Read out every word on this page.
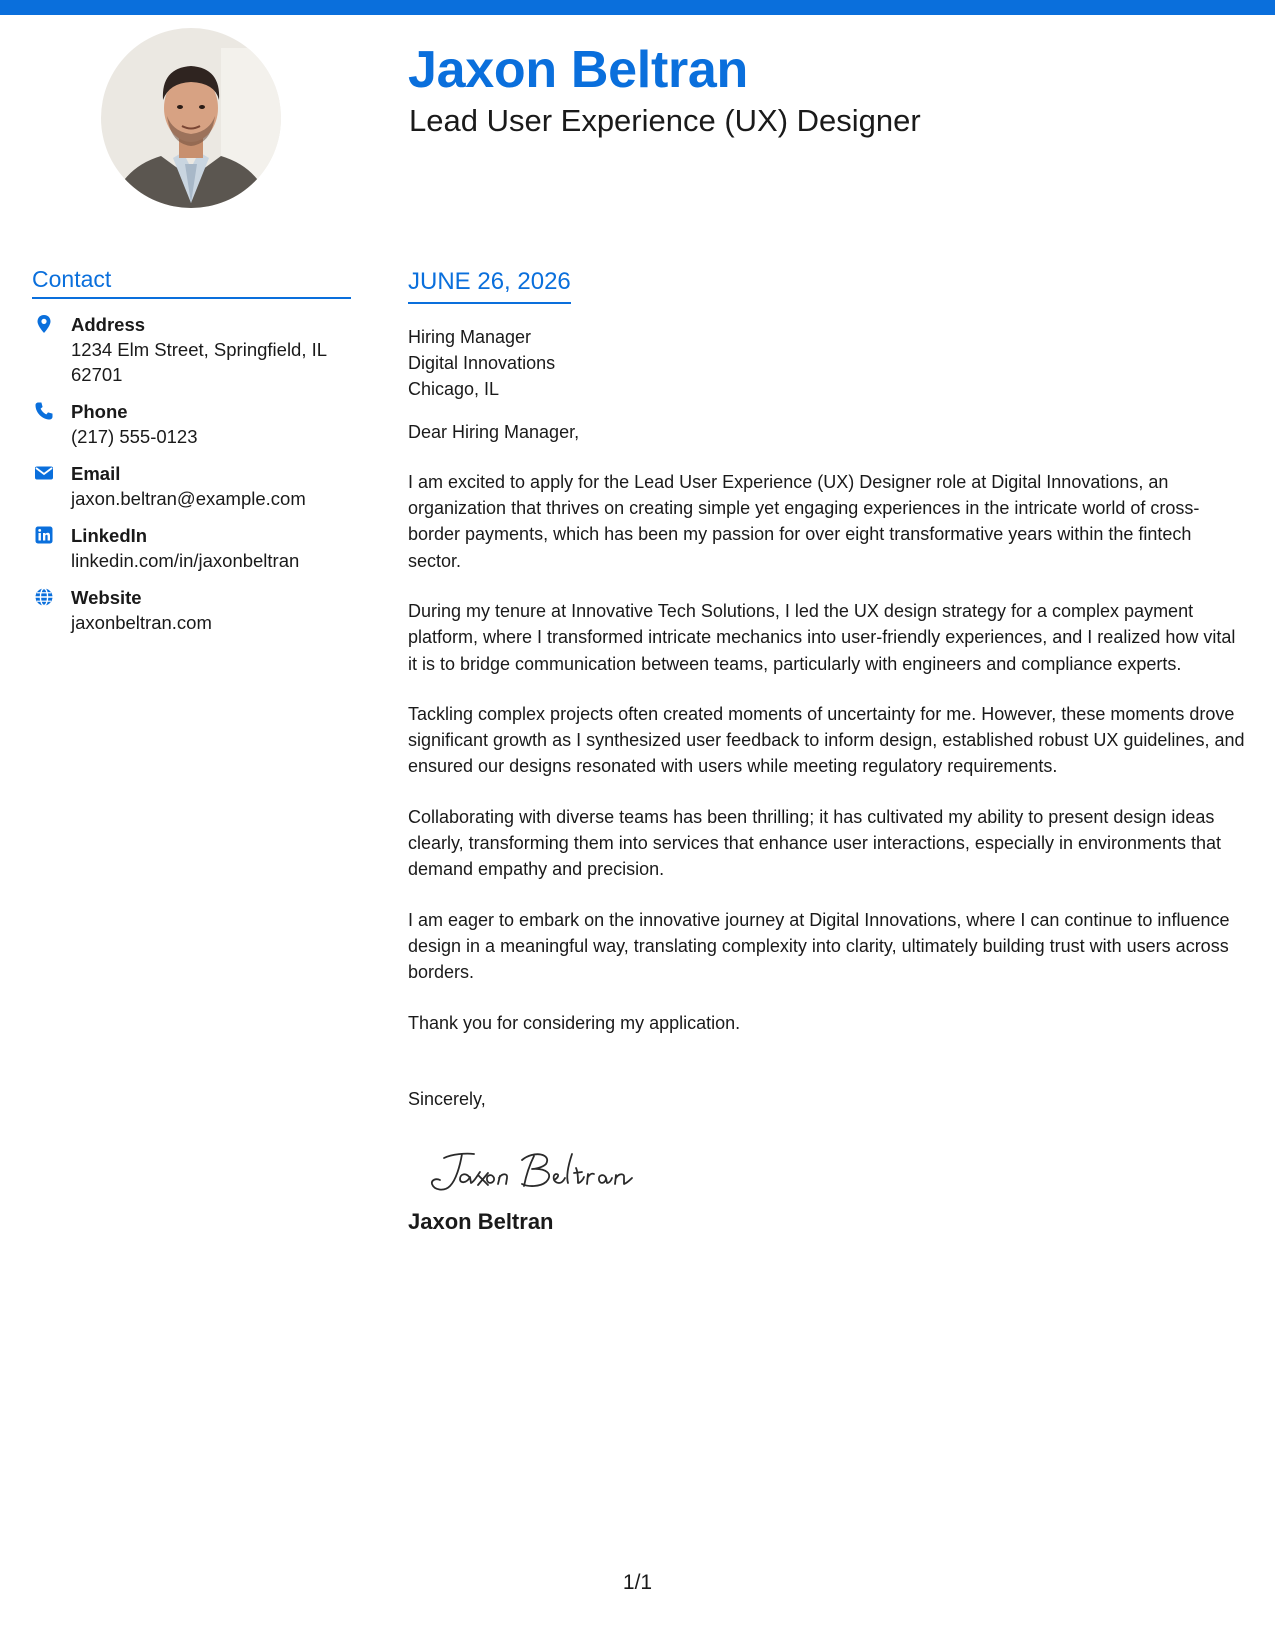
Jaxon Beltran
Lead User Experience (UX) Designer
Contact
Address
1234 Elm Street, Springfield, IL 62701
Phone
(217) 555-0123
Email
jaxon.beltran@example.com
LinkedIn
linkedin.com/in/jaxonbeltran
Website
jaxonbeltran.com
JUNE 26, 2026
Hiring Manager
Digital Innovations
Chicago, IL
Dear Hiring Manager,
I am excited to apply for the Lead User Experience (UX) Designer role at Digital Innovations, an organization that thrives on creating simple yet engaging experiences in the intricate world of cross-border payments, which has been my passion for over eight transformative years within the fintech sector.
During my tenure at Innovative Tech Solutions, I led the UX design strategy for a complex payment platform, where I transformed intricate mechanics into user-friendly experiences, and I realized how vital it is to bridge communication between teams, particularly with engineers and compliance experts.
Tackling complex projects often created moments of uncertainty for me. However, these moments drove significant growth as I synthesized user feedback to inform design, established robust UX guidelines, and ensured our designs resonated with users while meeting regulatory requirements.
Collaborating with diverse teams has been thrilling; it has cultivated my ability to present design ideas clearly, transforming them into services that enhance user interactions, especially in environments that demand empathy and precision.
I am eager to embark on the innovative journey at Digital Innovations, where I can continue to influence design in a meaningful way, translating complexity into clarity, ultimately building trust with users across borders.
Thank you for considering my application.
Sincerely,
Jaxon Beltran
1/1
